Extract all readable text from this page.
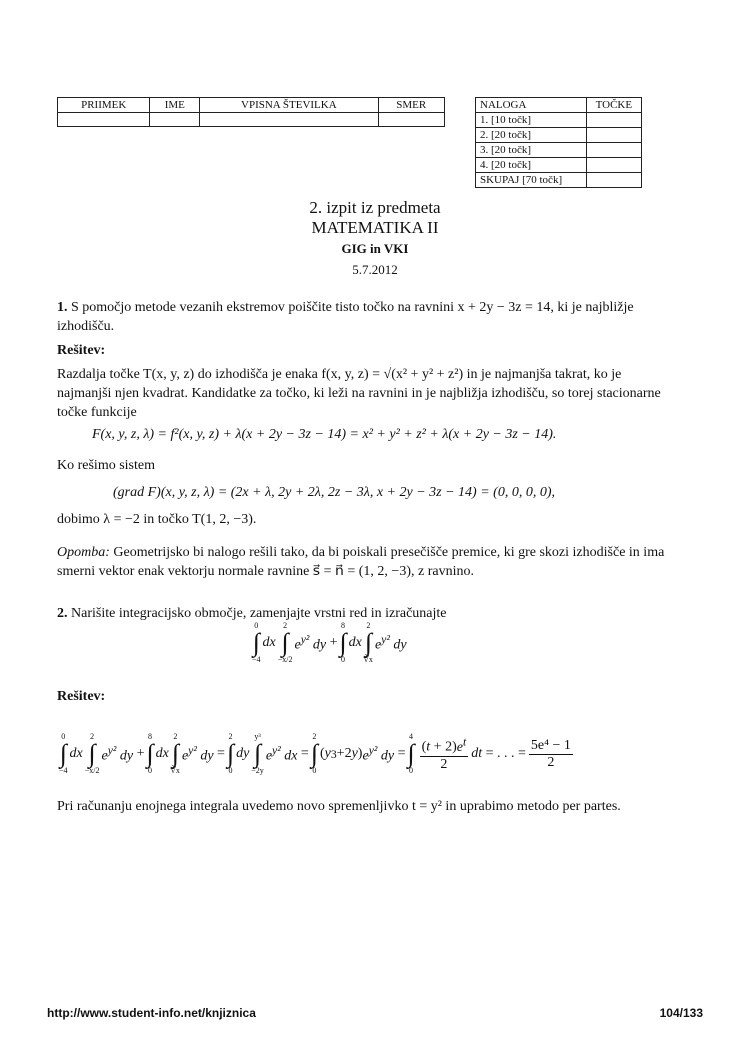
PRIIMEK	IME	VPISNA ŠTEVILKA	SMER
				NALOGA	TOČKE
1. [10 točk]	
2. [20 točk]	
3. [20 točk]	
4. [20 točk]	
SKUPAJ [70 točk]	
2. izpit iz predmeta
MATEMATIKA II
GIG in VKI
5.7.2012
1. S pomočjo metode vezanih ekstremov poiščite tisto točko na ravnini x + 2y − 3z = 14, ki je najbližje izhodišču.
Rešitev:
Razdalja točke T(x, y, z) do izhodišča je enaka f(x, y, z) = √(x² + y² + z²) in je najmanjša takrat, ko je najmanjši njen kvadrat. Kandidatke za točko, ki leži na ravnini in je najbližja izhodišču, so torej stacionarne točke funkcije
F(x, y, z, λ) = f²(x, y, z) + λ(x + 2y − 3z − 14) = x² + y² + z² + λ(x + 2y − 3z − 14).
Ko rešimo sistem
(grad F)(x, y, z, λ) = (2x + λ, 2y + 2λ, 2z − 3λ, x + 2y − 3z − 14) = (0, 0, 0, 0),
dobimo λ = −2 in točko T(1, 2, −3).
Opomba: Geometrijsko bi nalogo rešili tako, da bi poiskali presečišče premice, ki gre skozi izhodišče in ima smerni vektor enak vektorju normale ravnine s⃗ = n⃗ = (1, 2, −3), z ravnino.
2. Narišite integracijsko območje, zamenjajte vrstni red in izračunajte
0
∫
−4
dx
2
∫
−x/2
$e^{y^2}$ dy +
8
∫
0
dx
2
∫
∛x
$e^{y^2}$ dy
Rešitev:
0
∫
−4
dx
2
∫
−x/2
$e^{y^2}$ dy +
8
∫
0
dx
2
∫
∛x
$e^{y^2}$ dy =
2
∫
0
dy
y³
∫
−2y
$e^{y^2}$ dx =
2
∫
0
( y 3 +2 y ) $e^{y^2}$ dy =
4
∫
$0 \frac{(t + 2)e^t}{2}$ dt = . . . = $\frac{\text{5e⁴ − 1}}{2}$
Pri računanju enojnega integrala uvedemo novo spremenljivko t = y² in uprabimo metodo per partes.
http://www.student-info.net/knjiznica	104/133
